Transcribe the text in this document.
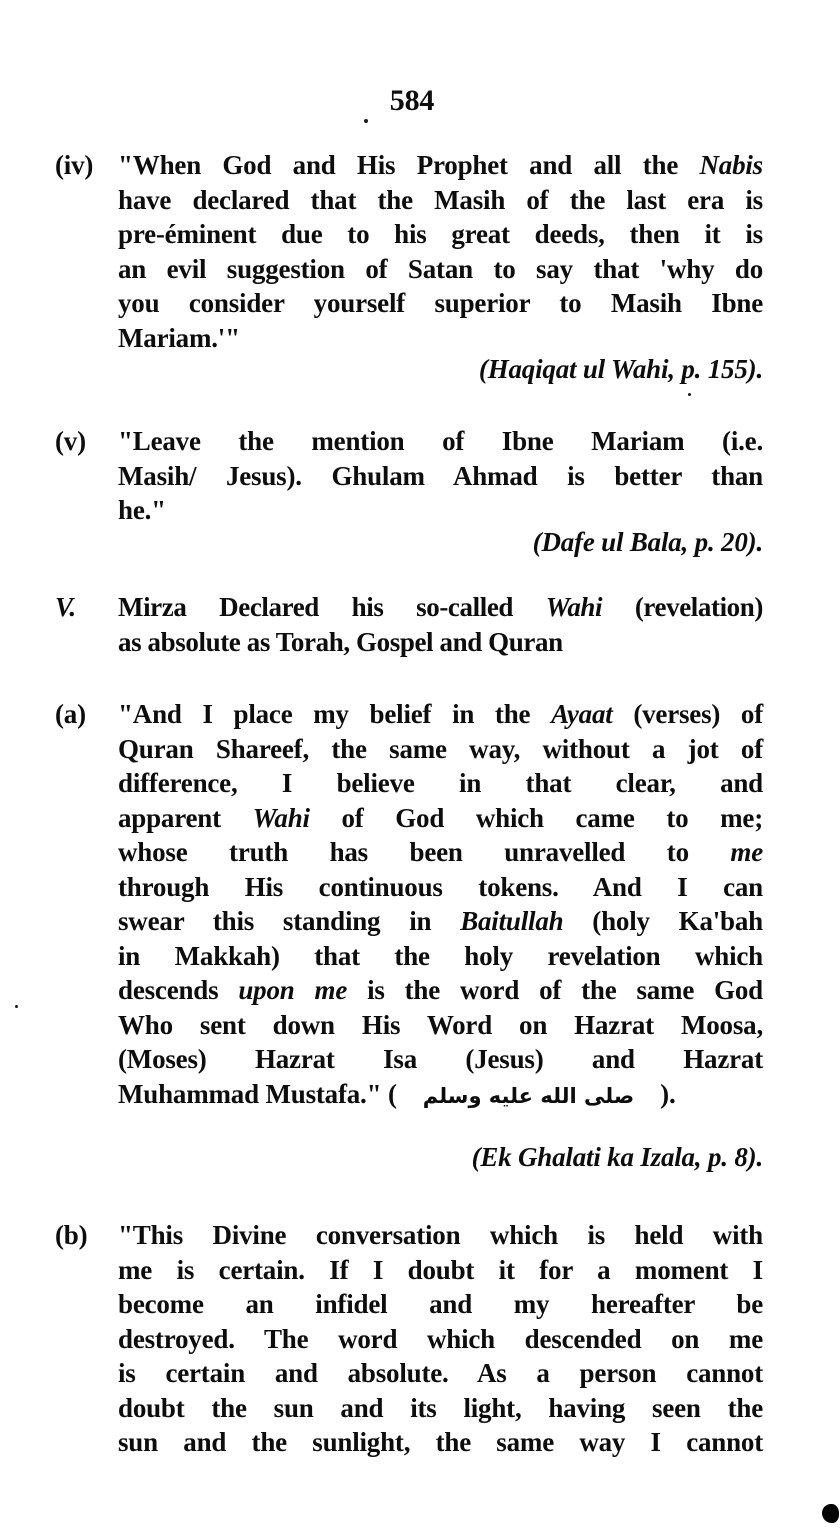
584
(iv) "When God and His Prophet and all the Nabis
have declared that the Masih of the last era is
pre-éminent due to his great deeds, then it is
an evil suggestion of Satan to say that 'why do
you consider yourself superior to Masih Ibne
Mariam.'"
(Haqiqat ul Wahi, p. 155).
(v)	"Leave the mention of Ibne Mariam (i.e.
Masih/ Jesus). Ghulam Ahmad is better than
he."
(Dafe ul Bala, p. 20).
V.	Mirza Declared his so-called Wahi (revelation)
as absolute as Torah, Gospel and Quran
(a)	"And I place my belief in the Ayaat (verses) of
Quran Shareef, the same way, without a jot of
difference, I believe in that clear, and
apparent Wahi of God which came to me;
whose truth has been unravelled to me
through His continuous tokens. And I can
swear this standing in Baitullah (holy Ka'bah
in Makkah) that the holy revelation which
descends upon me is the word of the same God
Who sent down His Word on Hazrat Moosa,
(Moses) Hazrat Isa (Jesus) and Hazrat
Muhammad Mustafa." ( صلى الله عليه وسلم ).
(Ek Ghalati ka Izala, p. 8).
(b)	"This Divine conversation which is held with
me is certain. If I doubt it for a moment I
become an infidel and my hereafter be
destroyed. The word which descended on me
is certain and absolute. As a person cannot
doubt the sun and its light, having seen the
sun and the sunlight, the same way I cannot
